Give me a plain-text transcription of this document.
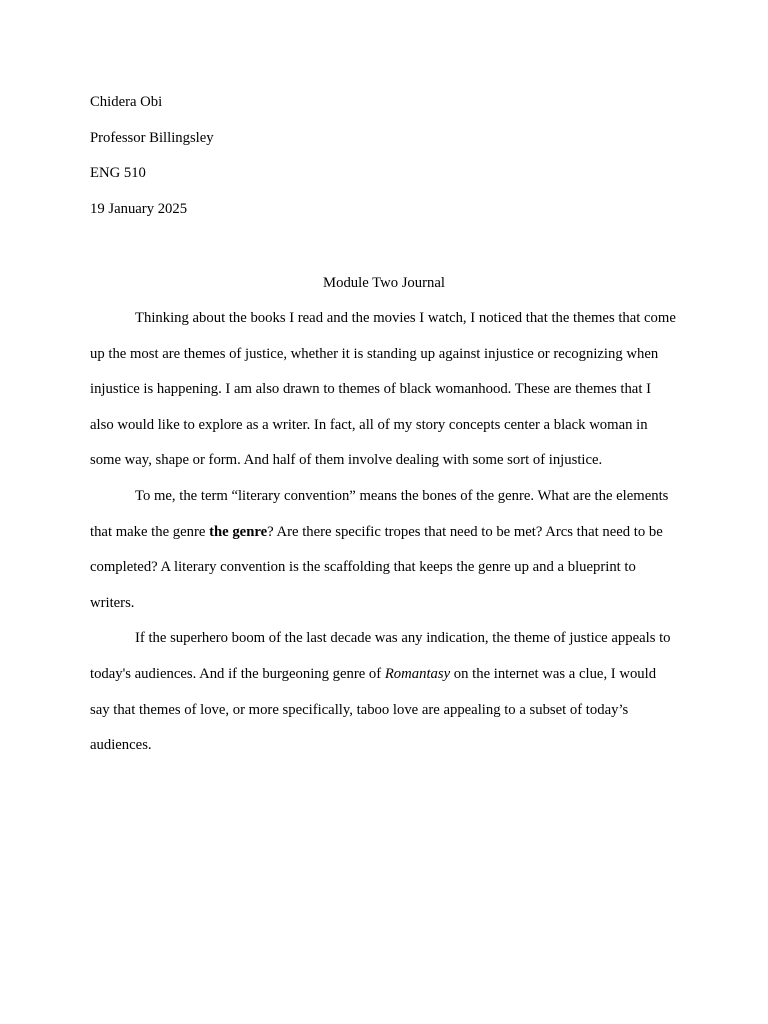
Chidera Obi
Professor Billingsley
ENG 510
19 January 2025
Module Two Journal

Thinking about the books I read and the movies I watch, I noticed that the themes that come up the most are themes of justice, whether it is standing up against injustice or recognizing when injustice is happening. I am also drawn to themes of black womanhood. These are themes that I also would like to explore as a writer. In fact, all of my story concepts center a black woman in some way, shape or form. And half of them involve dealing with some sort of injustice.

To me, the term “literary convention” means the bones of the genre. What are the elements that make the genre the genre? Are there specific tropes that need to be met? Arcs that need to be completed? A literary convention is the scaffolding that keeps the genre up and a blueprint to writers.

If the superhero boom of the last decade was any indication, the theme of justice appeals to today's audiences. And if the burgeoning genre of Romantasy on the internet was a clue, I would say that themes of love, or more specifically, taboo love are appealing to a subset of today’s audiences.
